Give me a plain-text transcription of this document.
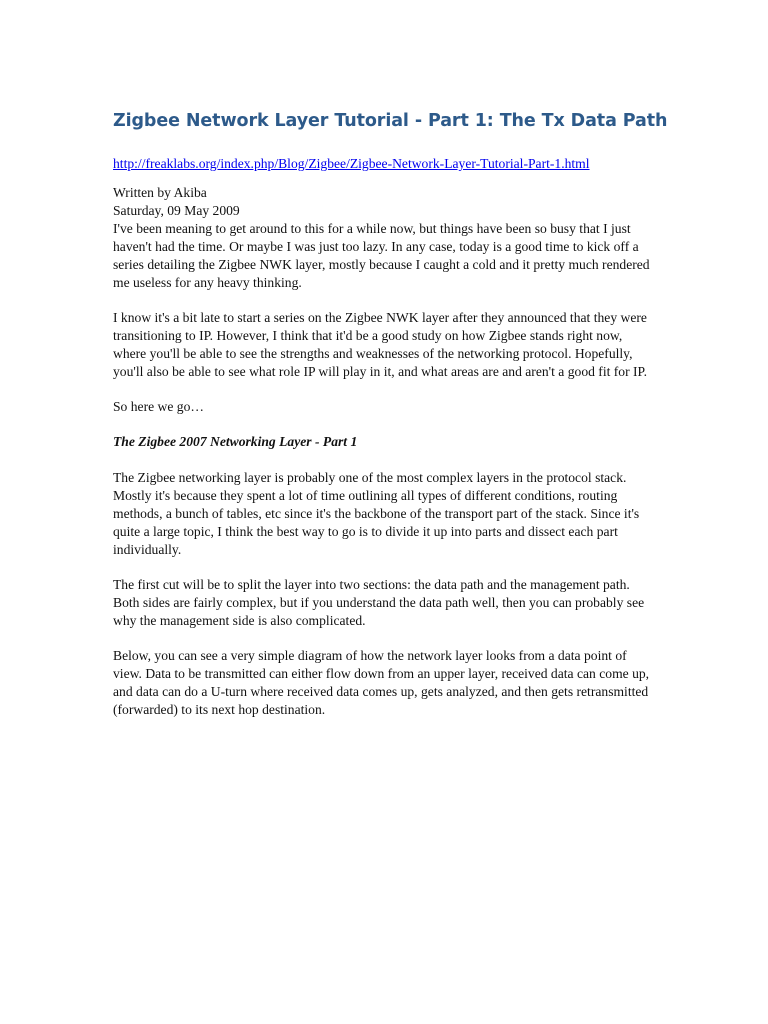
Zigbee Network Layer Tutorial - Part 1: The Tx Data Path
http://freaklabs.org/index.php/Blog/Zigbee/Zigbee-Network-Layer-Tutorial-Part-1.html

Written by Akiba

Saturday, 09 May 2009

I've been meaning to get around to this for a while now, but things have been so busy that I just haven't had the time. Or maybe I was just too lazy. In any case, today is a good time to kick off a series detailing the Zigbee NWK layer, mostly because I caught a cold and it pretty much rendered me useless for any heavy thinking.

I know it's a bit late to start a series on the Zigbee NWK layer after they announced that they were transitioning to IP. However, I think that it'd be a good study on how Zigbee stands right now, where you'll be able to see the strengths and weaknesses of the networking protocol. Hopefully, you'll also be able to see what role IP will play in it, and what areas are and aren't a good fit for IP.

So here we go…

The Zigbee 2007 Networking Layer - Part 1

The Zigbee networking layer is probably one of the most complex layers in the protocol stack. Mostly it's because they spent a lot of time outlining all types of different conditions, routing methods, a bunch of tables, etc since it's the backbone of the transport part of the stack. Since it's quite a large topic, I think the best way to go is to divide it up into parts and dissect each part individually.

The first cut will be to split the layer into two sections: the data path and the management path. Both sides are fairly complex, but if you understand the data path well, then you can probably see why the management side is also complicated.

Below, you can see a very simple diagram of how the network layer looks from a data point of view. Data to be transmitted can either flow down from an upper layer, received data can come up, and data can do a U-turn where received data comes up, gets analyzed, and then gets retransmitted (forwarded) to its next hop destination.
